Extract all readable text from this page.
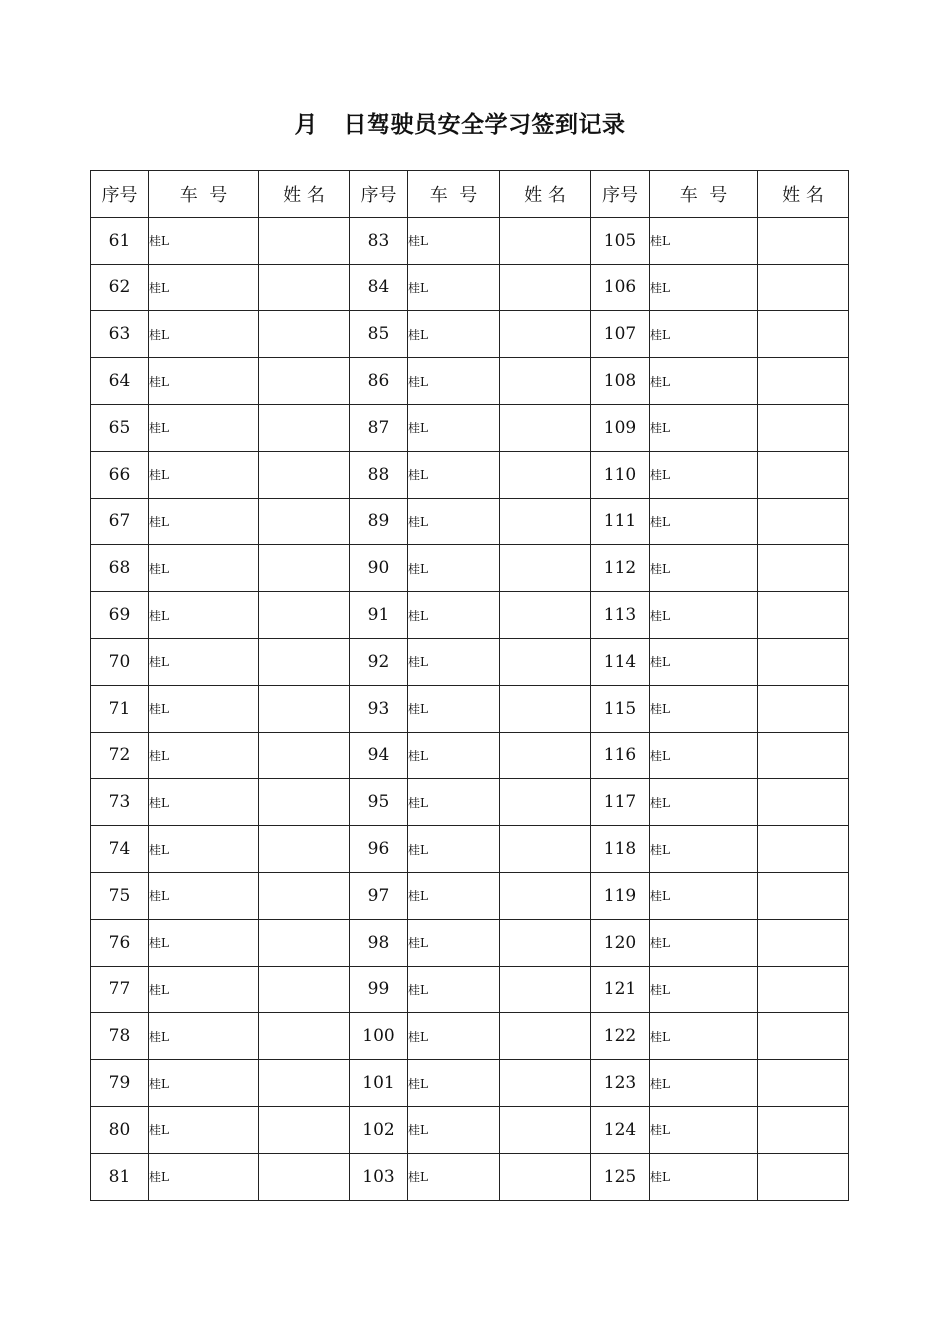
月   日驾驶员安全学习签到记录
序号	车  号	姓 名	序号	车  号	姓 名	序号	车  号	姓 名
61	桂L		83	桂L		105	桂L	
62	桂L		84	桂L		106	桂L	
63	桂L		85	桂L		107	桂L	
64	桂L		86	桂L		108	桂L	
65	桂L		87	桂L		109	桂L	
66	桂L		88	桂L		110	桂L	
67	桂L		89	桂L		111	桂L	
68	桂L		90	桂L		112	桂L	
69	桂L		91	桂L		113	桂L	
70	桂L		92	桂L		114	桂L	
71	桂L		93	桂L		115	桂L	
72	桂L		94	桂L		116	桂L	
73	桂L		95	桂L		117	桂L	
74	桂L		96	桂L		118	桂L	
75	桂L		97	桂L		119	桂L	
76	桂L		98	桂L		120	桂L	
77	桂L		99	桂L		121	桂L	
78	桂L		100	桂L		122	桂L	
79	桂L		101	桂L		123	桂L	
80	桂L		102	桂L		124	桂L	
81	桂L		103	桂L		125	桂L	
